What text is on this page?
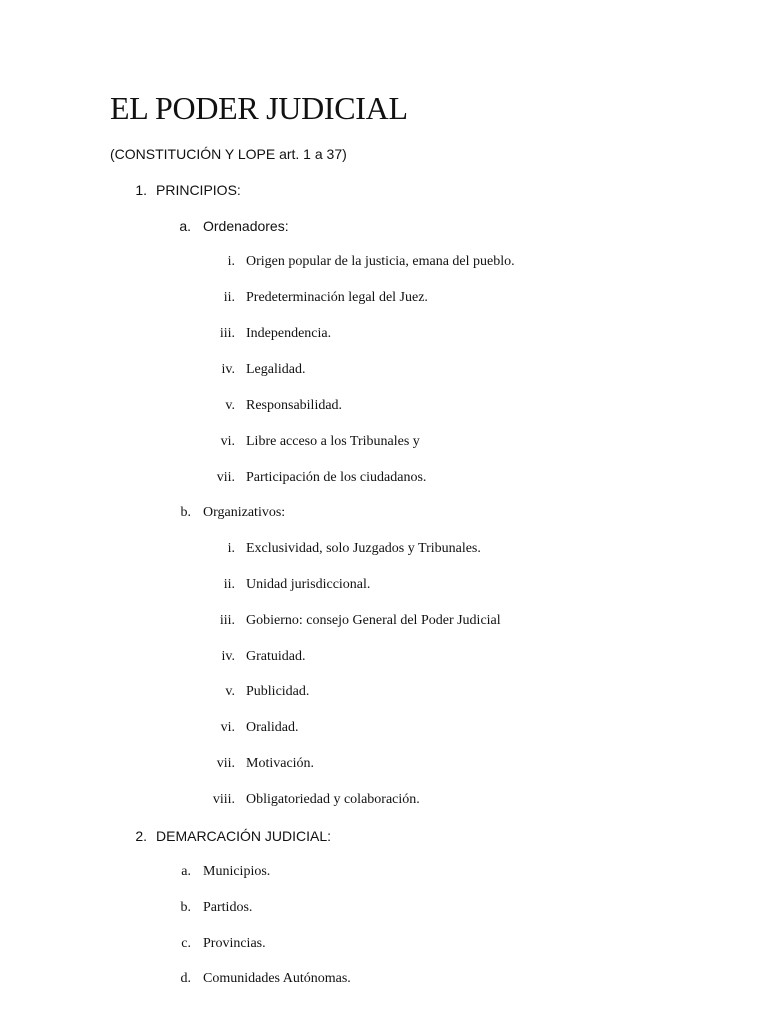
EL PODER JUDICIAL
(CONSTITUCIÓN Y LOPE art. 1 a 37)
1. PRINCIPIOS:
a. Ordenadores:
i. Origen popular de la justicia, emana del pueblo.
ii. Predeterminación legal del Juez.
iii. Independencia.
iv. Legalidad.
v. Responsabilidad.
vi. Libre acceso a los Tribunales y
vii. Participación de los ciudadanos.
b. Organizativos:
i. Exclusividad, solo Juzgados y Tribunales.
ii. Unidad jurisdiccional.
iii. Gobierno: consejo General del Poder Judicial
iv. Gratuidad.
v. Publicidad.
vi. Oralidad.
vii. Motivación.
viii. Obligatoriedad y colaboración.
2. DEMARCACIÓN JUDICIAL:
a. Municipios.
b. Partidos.
c. Provincias.
d. Comunidades Autónomas.
